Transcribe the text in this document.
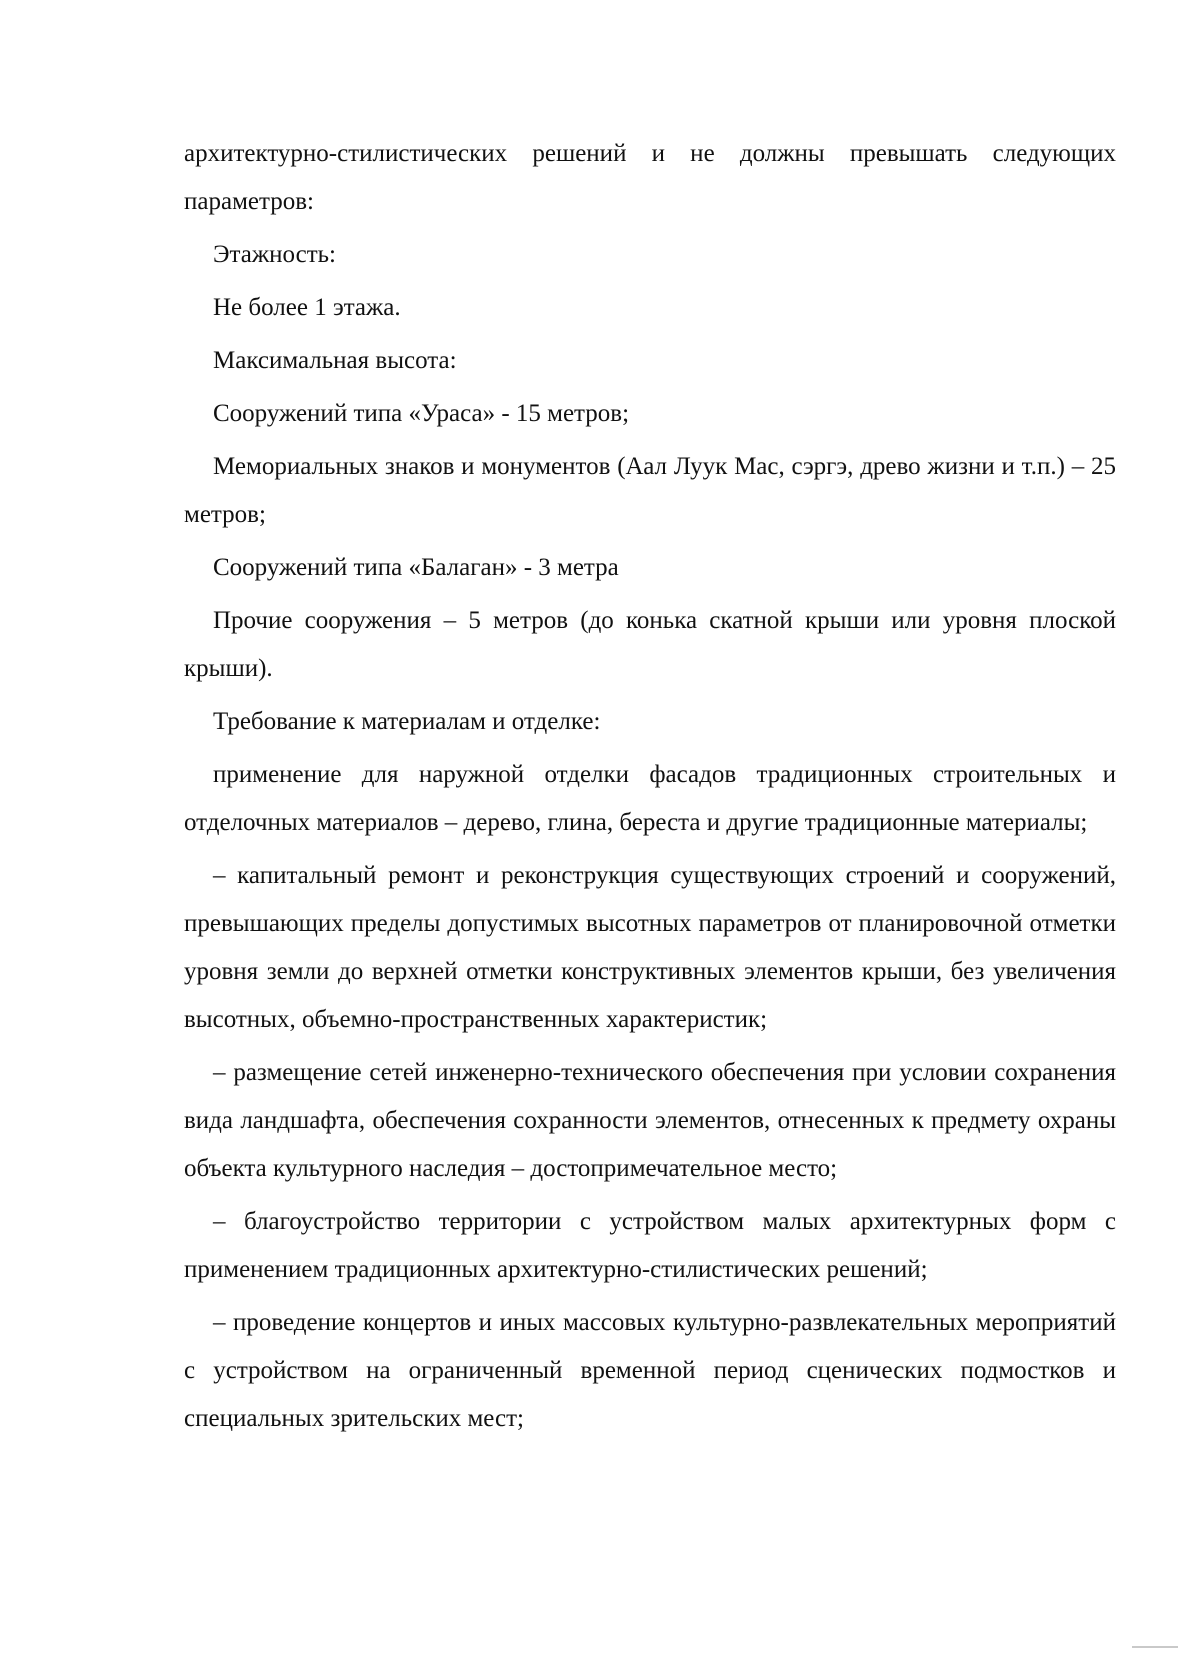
архитектурно-стилистических решений и не должны превышать следующих параметров:

Этажность:

Не более 1 этажа.

Максимальная высота:

Сооружений типа «Ураса» - 15 метров;

Мемориальных знаков и монументов (Аал Луук Мас, сэргэ, древо жизни и т.п.) – 25 метров;

Сооружений типа «Балаган» - 3 метра

Прочие сооружения – 5 метров (до конька скатной крыши или уровня плоской крыши).

Требование к материалам и отделке:

применение для наружной отделки фасадов традиционных строительных и отделочных материалов – дерево, глина, береста и другие традиционные материалы;

– капитальный ремонт и реконструкция существующих строений и сооружений, превышающих пределы допустимых высотных параметров от планировочной отметки уровня земли до верхней отметки конструктивных элементов крыши, без увеличения высотных, объемно-пространственных характеристик;

– размещение сетей инженерно-технического обеспечения при условии сохранения вида ландшафта, обеспечения сохранности элементов, отнесенных к предмету охраны объекта культурного наследия – достопримечательное место;

– благоустройство территории с устройством малых архитектурных форм с применением традиционных архитектурно-стилистических решений;

– проведение концертов и иных массовых культурно-развлекательных мероприятий с устройством на ограниченный временной период сценических подмостков и специальных зрительских мест;
